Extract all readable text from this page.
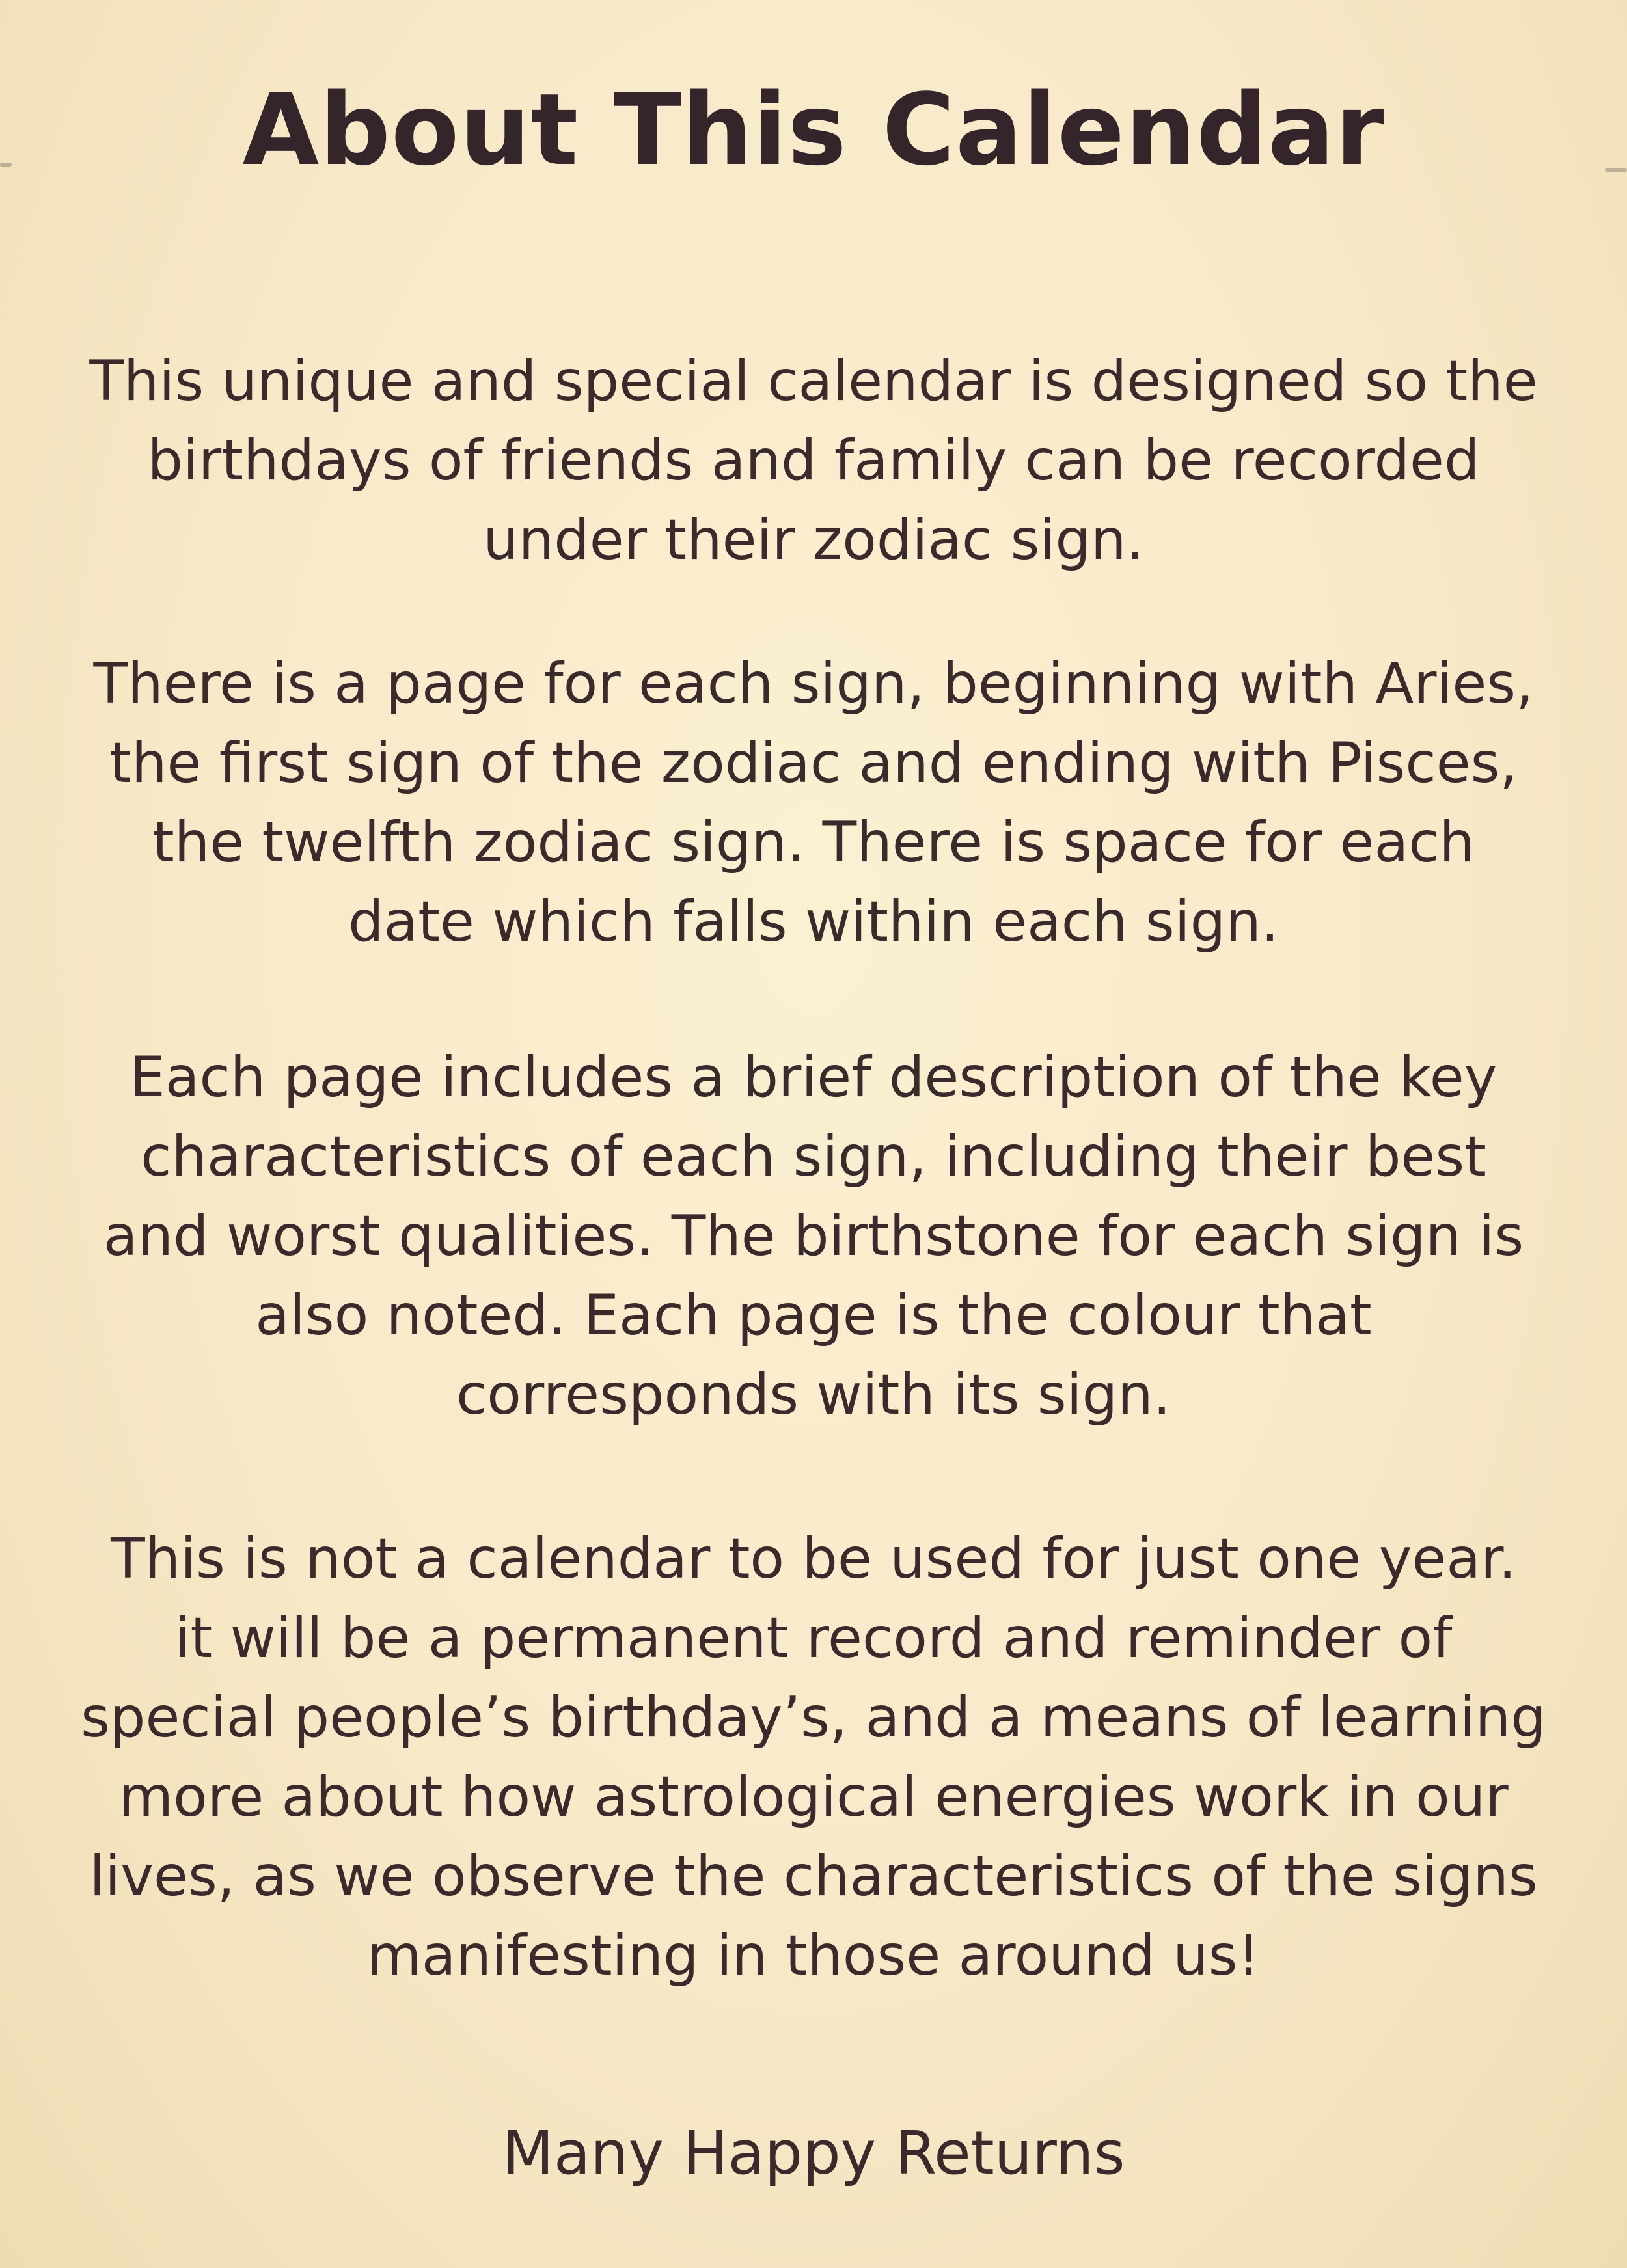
About This Calendar

This unique and special calendar is designed so the
birthdays of friends and family can be recorded
under their zodiac sign.

There is a page for each sign, beginning with Aries,
the first sign of the zodiac and ending with Pisces,
the twelfth zodiac sign. There is space for each
date which falls within each sign.

Each page includes a brief description of the key
characteristics of each sign, including their best
and worst qualities. The birthstone for each sign is
also noted. Each page is the colour that
corresponds with its sign.

This is not a calendar to be used for just one year.
it will be a permanent record and reminder of
special people’s birthday’s, and a means of learning
more about how astrological energies work in our
lives, as we observe the characteristics of the signs
manifesting in those around us!

Many Happy Returns
